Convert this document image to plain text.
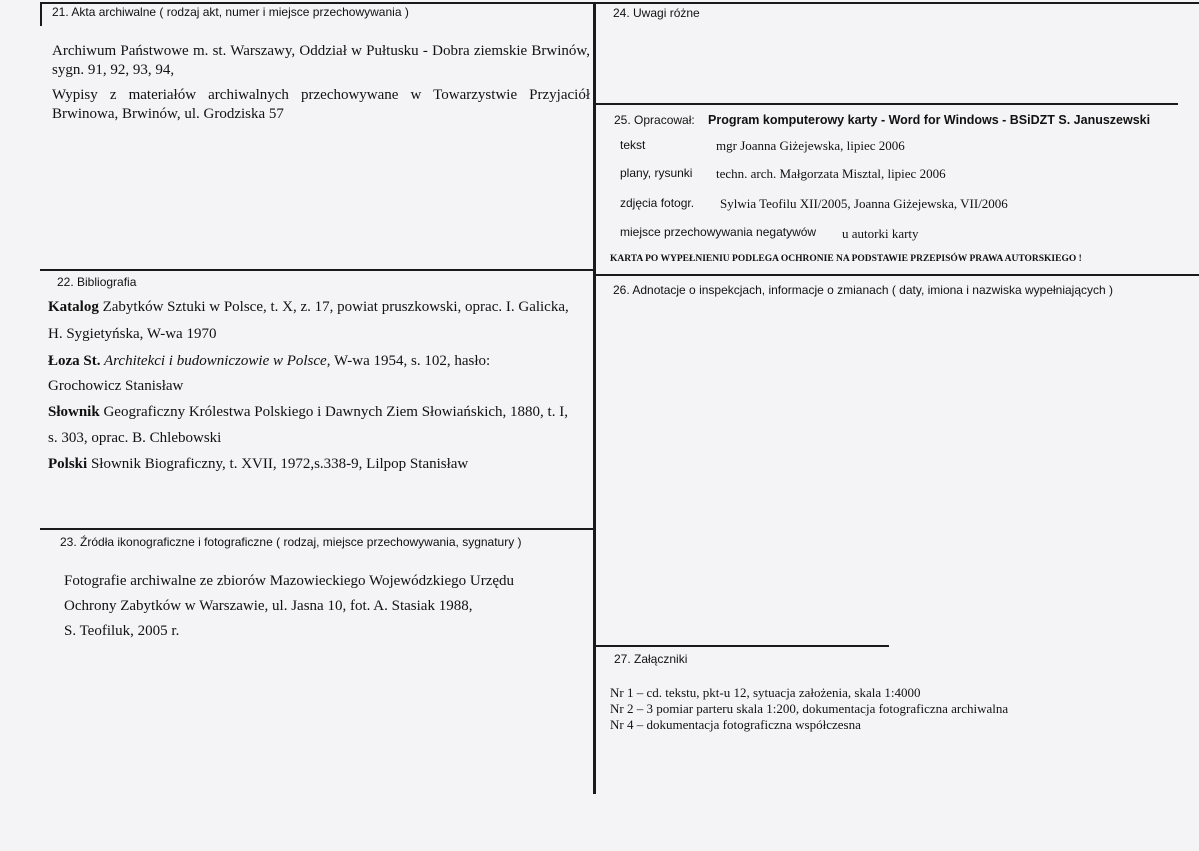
21. Akta archiwalne ( rodzaj akt, numer i miejsce przechowywania )
Archiwum Państwowe m. st. Warszawy, Oddział w Pułtusku - Dobra ziemskie Brwinów, sygn. 91, 92, 93, 94,
Wypisy z materiałów archiwalnych przechowywane w Towarzystwie Przyjaciół Brwinowa, Brwinów, ul. Grodziska 57
22. Bibliografia
Katalog Zabytków Sztuki w Polsce, t. X, z. 17, powiat pruszkowski, oprac. I. Galicka,
H. Sygietyńska, W-wa 1970
Łoza St. Architekci i budowniczowie w Polsce, W-wa 1954, s. 102, hasło:
Grochowicz Stanisław
Słownik Geograficzny Królestwa Polskiego i Dawnych Ziem Słowiańskich, 1880, t. I,
s. 303, oprac. B. Chlebowski
Polski Słownik Biograficzny, t. XVII, 1972,s.338-9, Lilpop Stanisław
23. Źródła ikonograficzne i fotograficzne ( rodzaj, miejsce przechowywania, sygnatury )
Fotografie archiwalne ze zbiorów Mazowieckiego Wojewódzkiego Urzędu
Ochrony Zabytków w Warszawie, ul. Jasna 10, fot. A. Stasiak 1988,
S. Teofiluk, 2005 r.
24. Uwagi różne
25. Opracował: Program komputerowy karty - Word for Windows - BSiDZT S. Januszewski
tekst	mgr Joanna Giżejewska, lipiec 2006
plany, rysunki techn. arch. Małgorzata Misztal, lipiec 2006
zdjęcia fotogr. Sylwia Teofilu XII/2005, Joanna Giżejewska, VII/2006
miejsce przechowywania negatywów u autorki karty
KARTA PO WYPEŁNIENIU PODLEGA OCHRONIE NA PODSTAWIE PRZEPISÓW PRAWA AUTORSKIEGO !
26. Adnotacje o inspekcjach, informacje o zmianach ( daty, imiona i nazwiska wypełniających )
27. Załączniki
Nr 1 – cd. tekstu, pkt-u 12, sytuacja założenia, skala 1:4000
Nr 2 – 3 pomiar parteru skala 1:200, dokumentacja fotograficzna archiwalna
Nr 4 – dokumentacja fotograficzna współczesna
